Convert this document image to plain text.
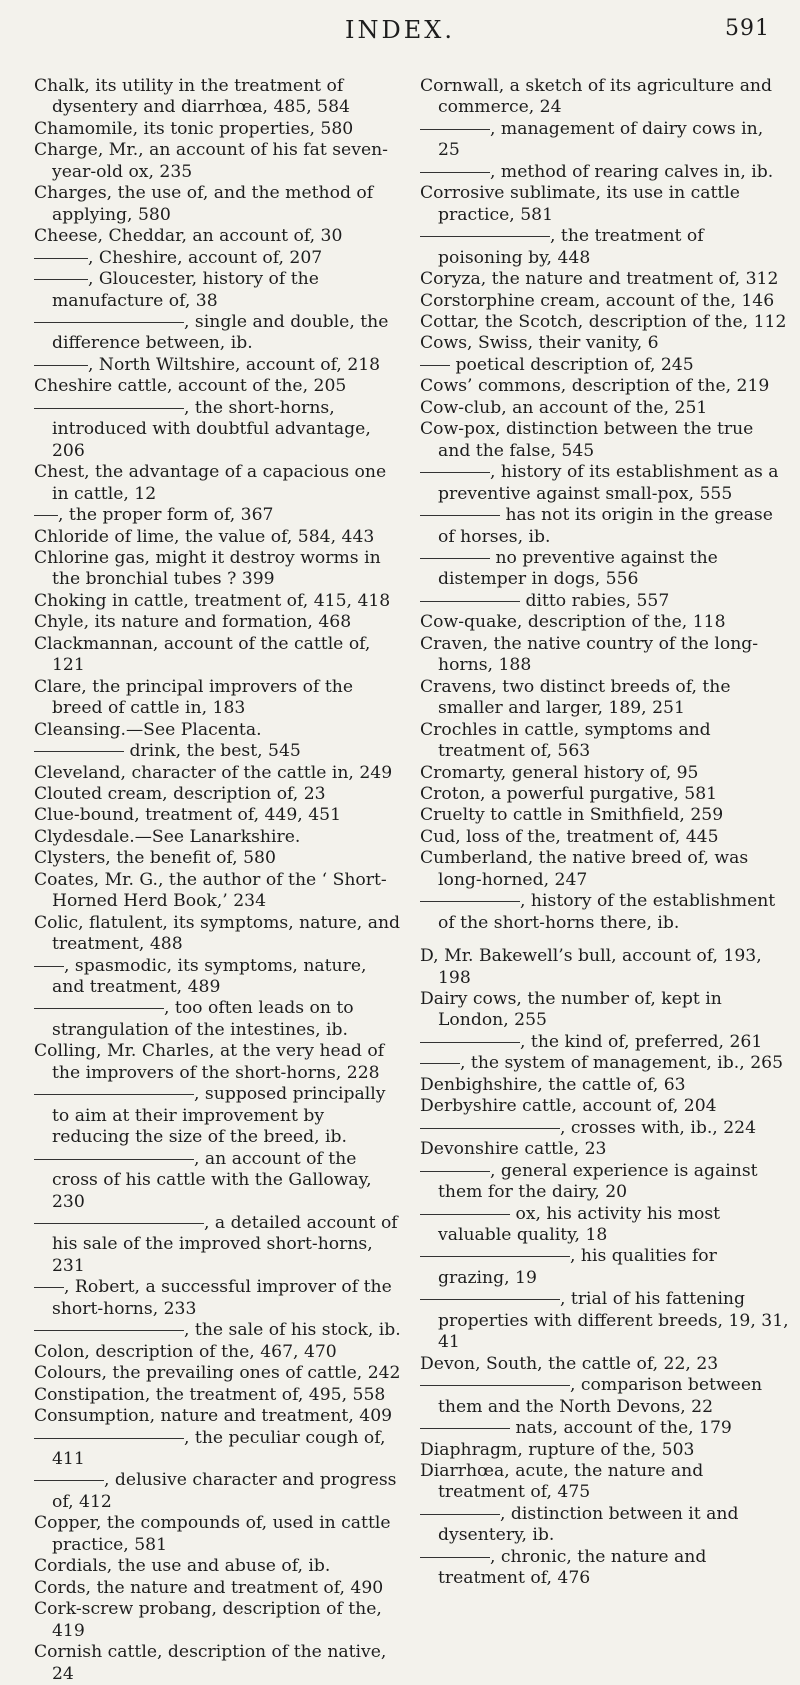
INDEX.	591

Chalk, its utility in the treatment of dysentery and diarrhœa, 485, 584

Chamomile, its tonic properties, 580

Charge, Mr., an account of his fat seven-year-old ox, 235

Charges, the use of, and the method of applying, 580

Cheese, Cheddar, an account of, 30

, Cheshire, account of, 207

, Gloucester, history of the manufacture of, 38

, single and double, the difference between, ib.

, North Wiltshire, account of, 218

Cheshire cattle, account of the, 205

, the short-horns, introduced with doubtful advantage, 206

Chest, the advantage of a capacious one in cattle, 12

, the proper form of, 367

Chloride of lime, the value of, 584, 443

Chlorine gas, might it destroy worms in the bronchial tubes ? 399

Choking in cattle, treatment of, 415, 418

Chyle, its nature and formation, 468

Clackmannan, account of the cattle of, 121

Clare, the principal improvers of the breed of cattle in, 183

Cleansing.—See Placenta.

drink, the best, 545

Cleveland, character of the cattle in, 249

Clouted cream, description of, 23

Clue-bound, treatment of, 449, 451

Clydesdale.—See Lanarkshire.

Clysters, the benefit of, 580

Coates, Mr. G., the author of the ‘ Short-Horned Herd Book,’ 234

Colic, flatulent, its symptoms, nature, and treatment, 488

, spasmodic, its symptoms, nature, and treatment, 489

, too often leads on to strangulation of the intestines, ib.

Colling, Mr. Charles, at the very head of the improvers of the short-horns, 228

, supposed principally to aim at their improvement by reducing the size of the breed, ib.

, an account of the cross of his cattle with the Galloway, 230

, a detailed account of his sale of the improved short-horns, 231

, Robert, a successful improver of the short-horns, 233

, the sale of his stock, ib.

Colon, description of the, 467, 470

Colours, the prevailing ones of cattle, 242

Constipation, the treatment of, 495, 558

Consumption, nature and treatment, 409

, the peculiar cough of, 411

, delusive character and progress of, 412

Copper, the compounds of, used in cattle practice, 581

Cordials, the use and abuse of, ib.

Cords, the nature and treatment of, 490

Cork-screw probang, description of the, 419

Cornish cattle, description of the native, 24

Cornwall, a sketch of its agriculture and commerce, 24

, management of dairy cows in, 25

, method of rearing calves in, ib.

Corrosive sublimate, its use in cattle practice, 581

, the treatment of poisoning by, 448

Coryza, the nature and treatment of, 312

Corstorphine cream, account of the, 146

Cottar, the Scotch, description of the, 112

Cows, Swiss, their vanity, 6

poetical description of, 245

Cows’ commons, description of the, 219

Cow-club, an account of the, 251

Cow-pox, distinction between the true and the false, 545

, history of its establishment as a preventive against small-pox, 555

has not its origin in the grease of horses, ib.

no preventive against the distemper in dogs, 556

ditto rabies, 557

Cow-quake, description of the, 118

Craven, the native country of the long-horns, 188

Cravens, two distinct breeds of, the smaller and larger, 189, 251

Crochles in cattle, symptoms and treatment of, 563

Cromarty, general history of, 95

Croton, a powerful purgative, 581

Cruelty to cattle in Smithfield, 259

Cud, loss of the, treatment of, 445

Cumberland, the native breed of, was long-horned, 247

, history of the establishment of the short-horns there, ib.

D, Mr. Bakewell’s bull, account of, 193, 198

Dairy cows, the number of, kept in London, 255

, the kind of, preferred, 261

, the system of management, ib., 265

Denbighshire, the cattle of, 63

Derbyshire cattle, account of, 204

, crosses with, ib., 224

Devonshire cattle, 23

, general experience is against them for the dairy, 20

ox, his activity his most valuable quality, 18

, his qualities for grazing, 19

, trial of his fattening properties with different breeds, 19, 31, 41

Devon, South, the cattle of, 22, 23

, comparison between them and the North Devons, 22

nats, account of the, 179

Diaphragm, rupture of the, 503

Diarrhœa, acute, the nature and treatment of, 475

, distinction between it and dysentery, ib.

, chronic, the nature and treatment of, 476
